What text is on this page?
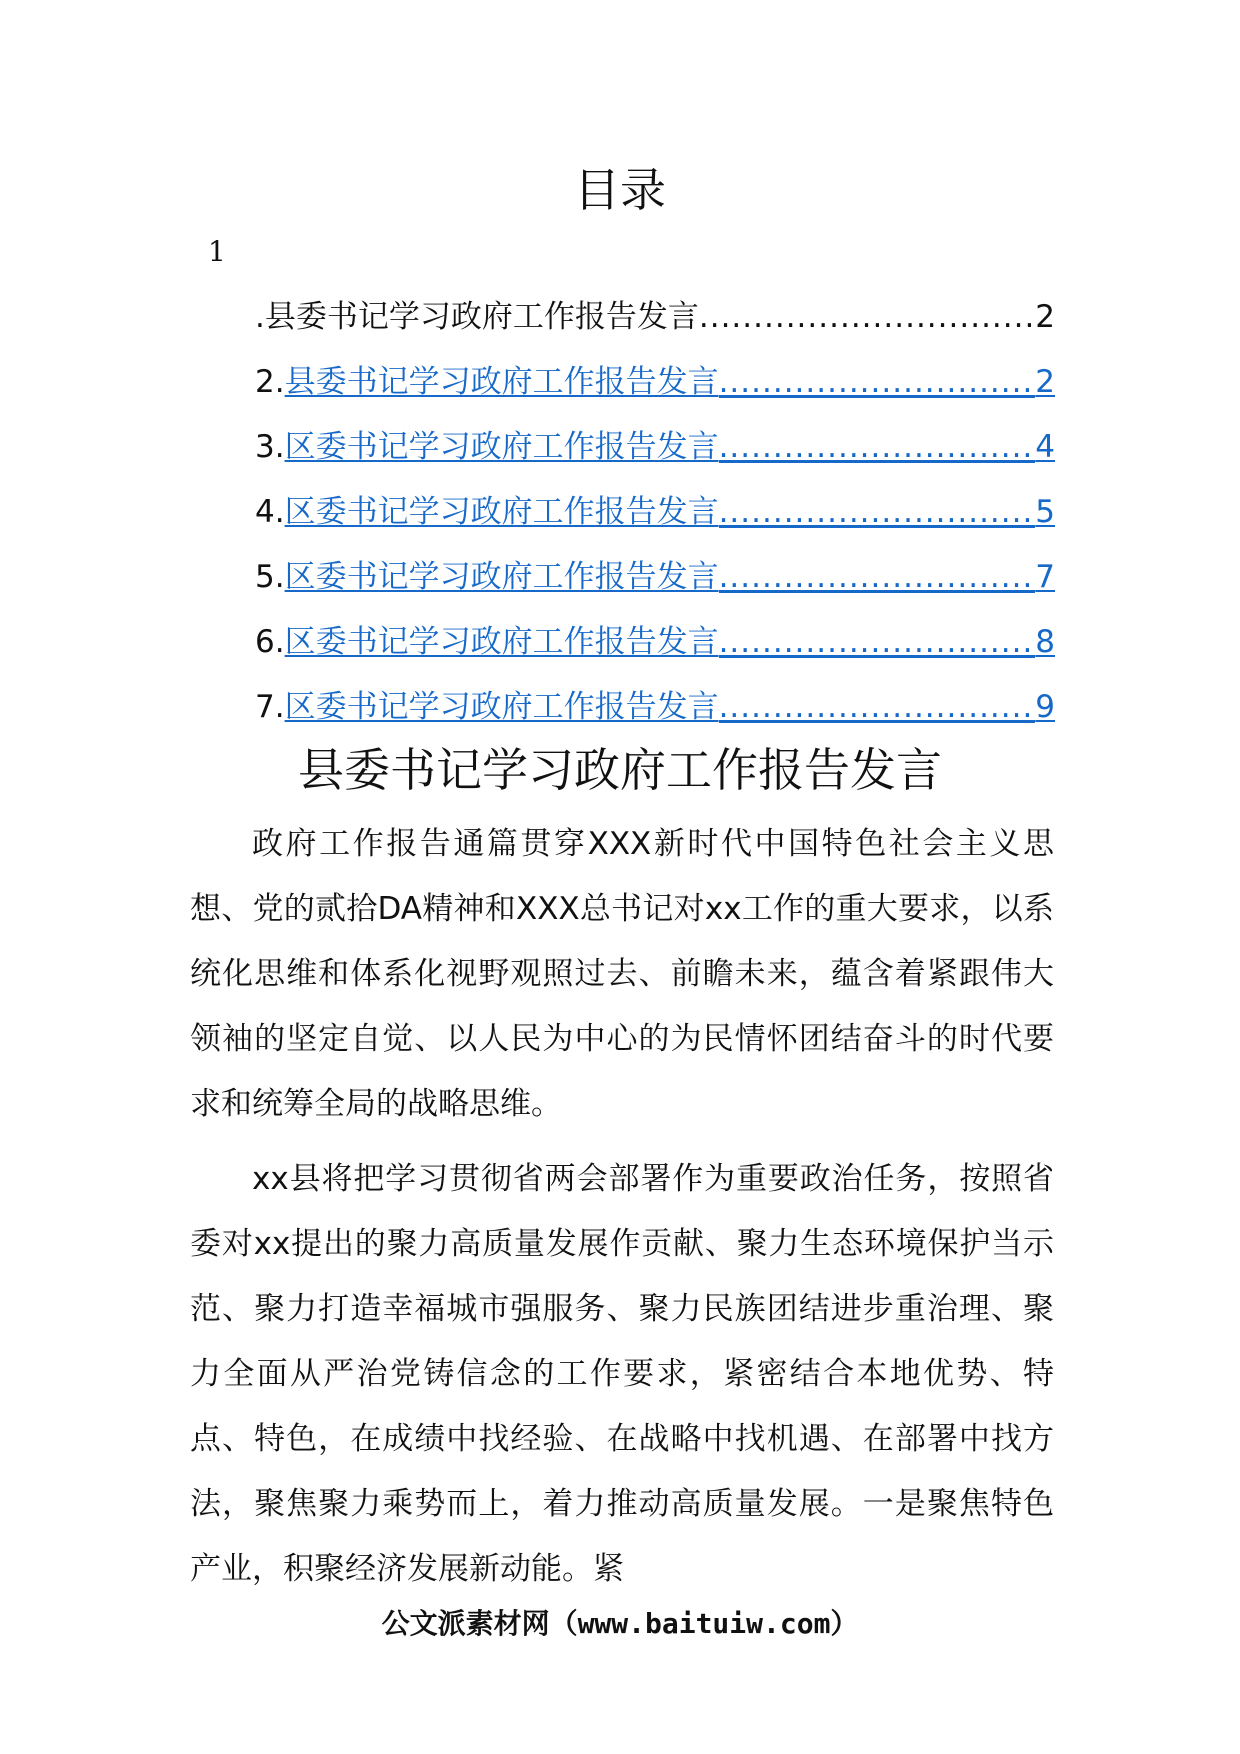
目录
1
.县委书记学习政府工作报告发言 .....	2
2. 县委书记学习政府工作报告发言 .....	2
3. 区委书记学习政府工作报告发言 .....	4
4. 区委书记学习政府工作报告发言 .....	5
5. 区委书记学习政府工作报告发言 .....	7
6. 区委书记学习政府工作报告发言 .....	8
7. 区委书记学习政府工作报告发言 .....	9
县委书记学习政府工作报告发言

政府工作报告通篇贯穿XXX新时代中国特色社会主义思想、党的贰拾DA精神和XXX总书记对xx工作的重大要求，以系统化思维和体系化视野观照过去、前瞻未来，蕴含着紧跟伟大领袖的坚定自觉、以人民为中心的为民情怀团结奋斗的时代要求和统筹全局的战略思维。

xx县将把学习贯彻省两会部署作为重要政治任务，按照省委对xx提出的聚力高质量发展作贡献、聚力生态环境保护当示范、聚力打造幸福城市强服务、聚力民族团结进步重治理、聚力全面从严治党铸信念的工作要求，紧密结合本地优势、特点、特色，在成绩中找经验、在战略中找机遇、在部署中找方法，聚焦聚力乘势而上，着力推动高质量发展。一是聚焦特色产业，积聚经济发展新动能。紧

公文派素材网（www.baituiw.com）
